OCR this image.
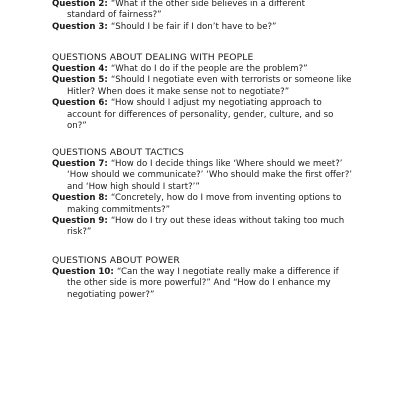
Question 2: “What if the other side believes in a different

standard of fairness?”

Question 3: “Should I be fair if I don’t have to be?”

QUESTIONS ABOUT DEALING WITH PEOPLE

Question 4: “What do I do if the people are the problem?”

Question 5: “Should I negotiate even with terrorists or someone like Hitler? When does it make sense not to negotiate?”

Question 6: “How should I adjust my negotiating approach to account for differences of personality, gender, culture, and so on?”

QUESTIONS ABOUT TACTICS

Question 7: “How do I decide things like ‘Where should we meet?’ ‘How should we communicate?’ ‘Who should make the first offer?’ and ‘How high should I start?’”

Question 8: “Concretely, how do I move from inventing options to making commitments?”

Question 9: “How do I try out these ideas without taking too much risk?”

QUESTIONS ABOUT POWER

Question 10: “Can the way I negotiate really make a difference if the other side is more powerful?” And “How do I enhance my negotiating power?”
